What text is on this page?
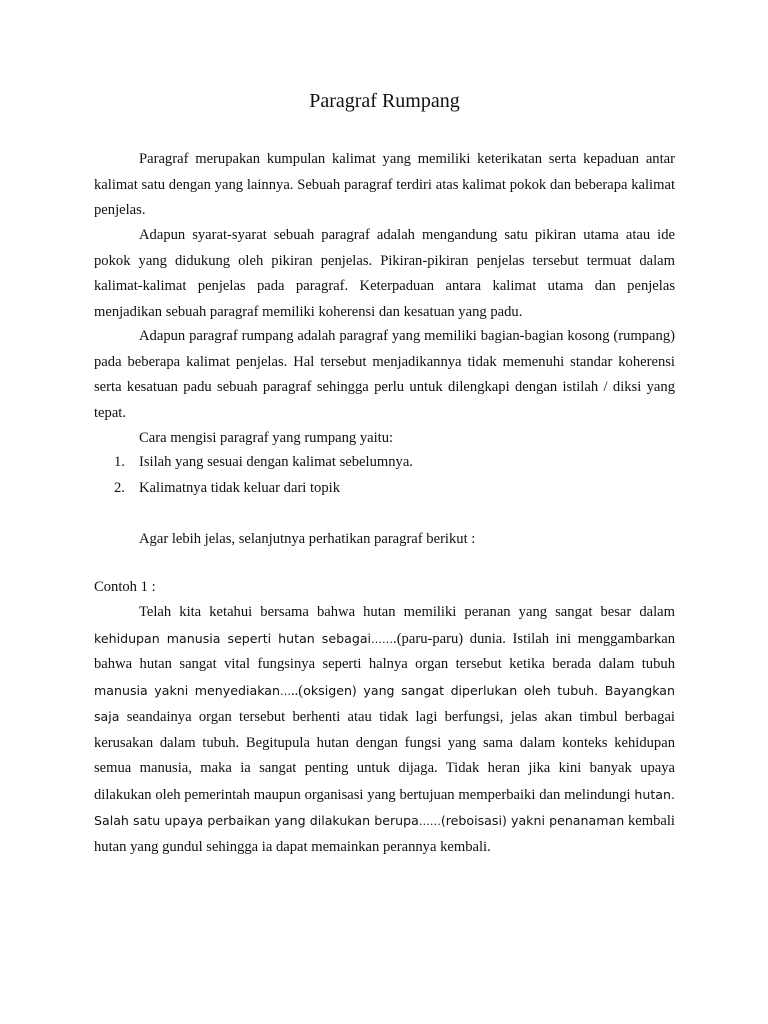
Paragraf Rumpang

Paragraf merupakan kumpulan kalimat yang memiliki keterikatan serta kepaduan antar kalimat satu dengan yang lainnya. Sebuah paragraf terdiri atas kalimat pokok dan beberapa kalimat penjelas.

Adapun syarat-syarat sebuah paragraf adalah mengandung satu pikiran utama atau ide pokok yang didukung oleh pikiran penjelas. Pikiran-pikiran penjelas tersebut termuat dalam kalimat-kalimat penjelas pada paragraf. Keterpaduan antara kalimat utama dan penjelas menjadikan sebuah paragraf memiliki koherensi dan kesatuan yang padu.

Adapun paragraf rumpang adalah paragraf yang memiliki bagian-bagian kosong (rumpang) pada beberapa kalimat penjelas. Hal tersebut menjadikannya tidak memenuhi standar koherensi serta kesatuan padu sebuah paragraf sehingga perlu untuk dilengkapi dengan istilah / diksi yang tepat.

Cara mengisi paragraf yang rumpang yaitu:

1. Isilah yang sesuai dengan kalimat sebelumnya.
2. Kalimatnya tidak keluar dari topik

Agar lebih jelas, selanjutnya perhatikan paragraf berikut :

Contoh 1 :

Telah kita ketahui bersama bahwa hutan memiliki peranan yang sangat besar dalam kehidupan manusia seperti hutan sebagai…….(paru-paru) dunia. Istilah ini menggambarkan bahwa hutan sangat vital fungsinya seperti halnya organ tersebut ketika berada dalam tubuh manusia yakni menyediakan…..(oksigen) yang sangat diperlukan oleh tubuh. Bayangkan saja seandainya organ tersebut berhenti atau tidak lagi berfungsi, jelas akan timbul berbagai kerusakan dalam tubuh. Begitupula hutan dengan fungsi yang sama dalam konteks kehidupan semua manusia, maka ia sangat penting untuk dijaga. Tidak heran jika kini banyak upaya dilakukan oleh pemerintah maupun organisasi yang bertujuan memperbaiki dan melindungi hutan. Salah satu upaya perbaikan yang dilakukan berupa……(reboisasi) yakni penanaman kembali hutan yang gundul sehingga ia dapat memainkan perannya kembali.
